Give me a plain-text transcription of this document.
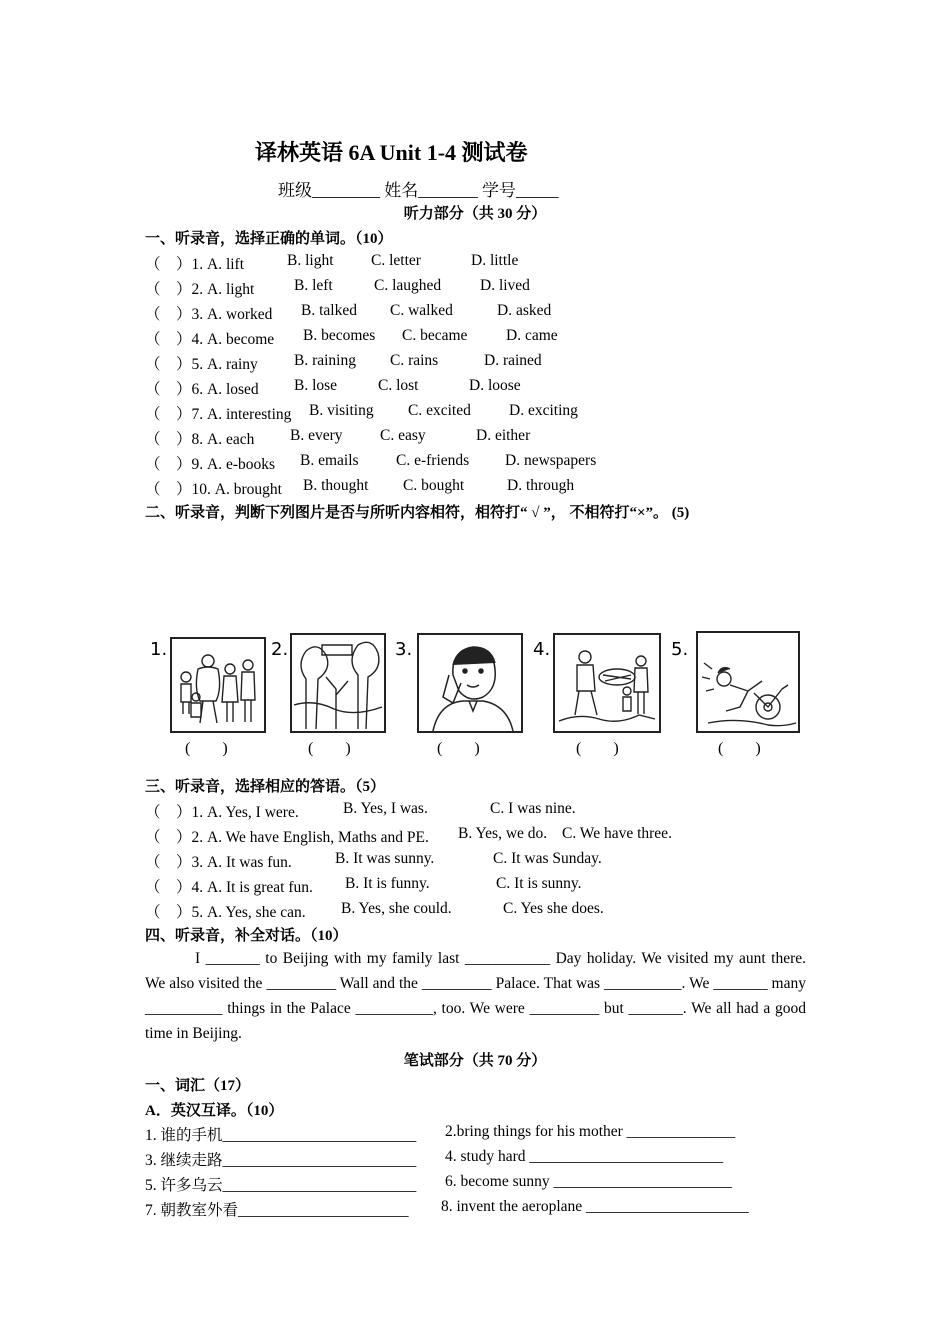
译林英语 6A Unit 1-4 测试卷
班级________ 姓名_______ 学号_____
听力部分（共 30 分）
一、听录音，选择正确的单词。（10）
（　）1. A. lift	B. light C. letter	D. little
（　）2. A. light	B. left	C. laughed	D. lived
（　）3. A. worked B. talked C. walked	D. asked
（　）4. A. become B. becomes C. became D. came
（　）5. A. rainy B. raining C. rains	D. rained
（　）6. A. losed B. lose	C. lost	D. loose
（　）7. A. interesting B. visiting C. excited D. exciting
（　）8. A. each B. every C. easy	D. either
（　）9. A. e-books B. emails C. e-friends D. newspapers
（　）10. A. brought B. thought C. bought	D. through
二、听录音，判断下列图片是否与所听内容相符，相符打“ √ ”， 不相符打“×”。 (5)
1.
(　　)
2.
(　　)
3.
(　　)
4.
(　　)
5.
(　　)
三、听录音，选择相应的答语。（5）
（　）1. A. Yes, I were.	B. Yes, I was.	C. I was nine.
（　）2. A. We have English, Maths and PE. B. Yes, we do. C. We have three.
（　）3. A. It was fun.	B. It was sunny.	C. It was Sunday.
（　）4. A. It is great fun. B. It is funny.	C. It is sunny.
（　）5. A. Yes, she can. B. Yes, she could.	C. Yes she does.
四、听录音，补全对话。（10）

I _______ to Beijing with my family last ___________ Day holiday. We visited my aunt there. We also visited the _________ Wall and the _________ Palace. That was __________. We _______ many __________ things in the Palace __________, too. We were _________ but _______. We all had a good time in Beijing.

笔试部分（共 70 分）
一、词汇（17）
A．英汉互译。（10）
1. 谁的手机_________________________ 2.bring things for his mother ______________
3. 继续走路_________________________ 4. study hard _________________________
5. 许多乌云_________________________ 6. become sunny _______________________
7. 朝教室外看______________________ 8. invent the aeroplane _____________________
